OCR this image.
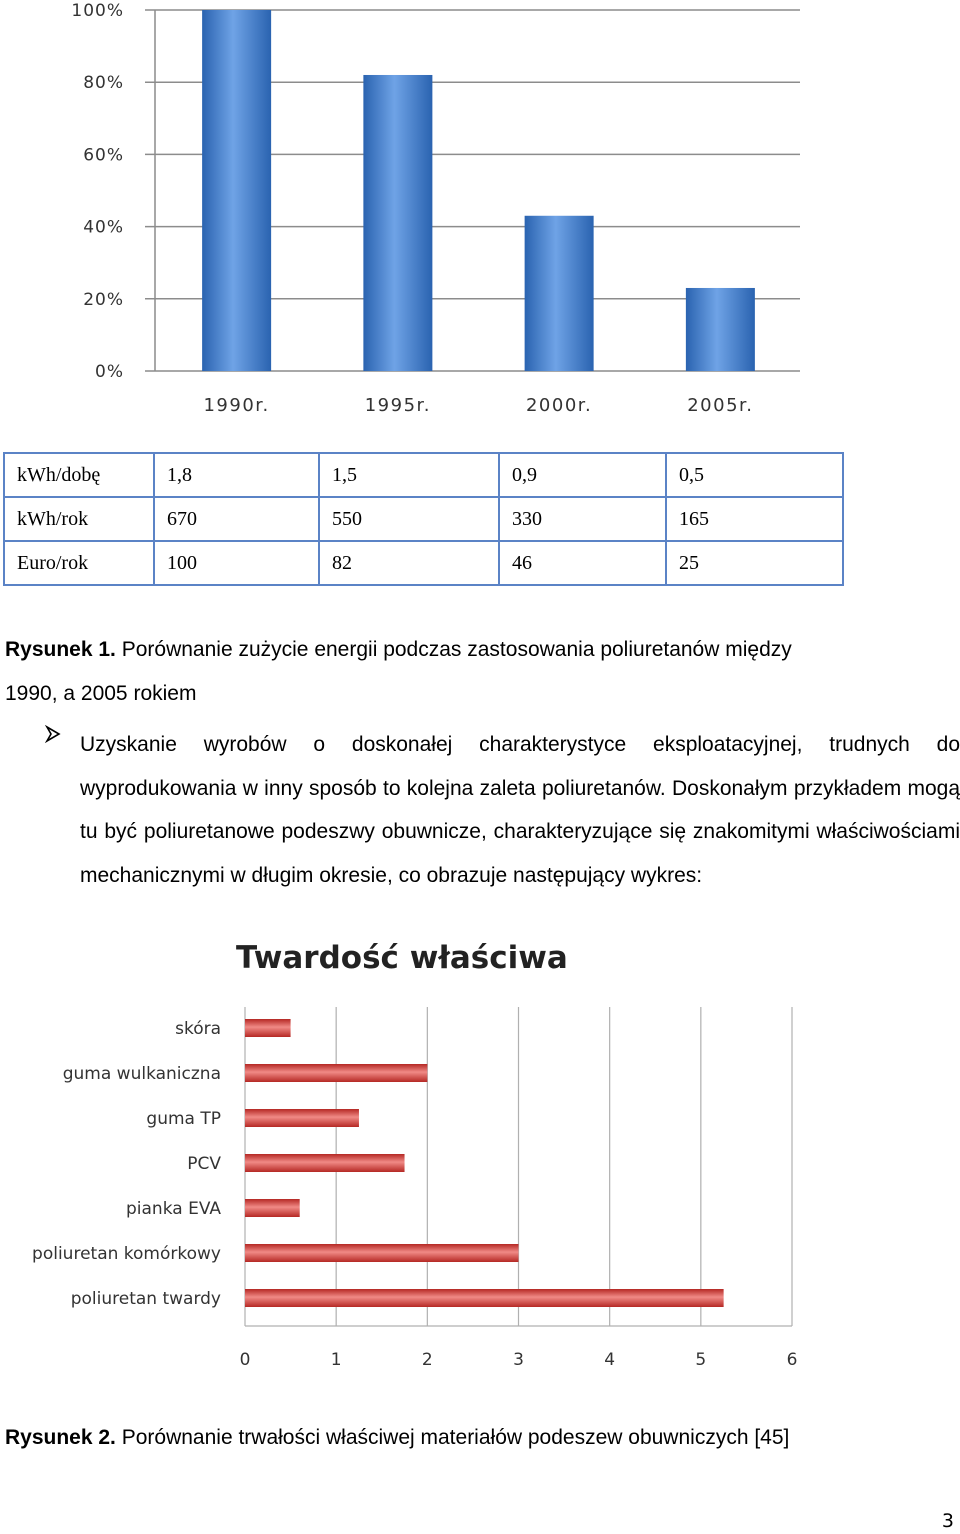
0%
20%
40%
60%
80%
100%
1990r.	1995r.	2000r.	2005r.
kWh/dobę	1,8	1,5	0,9	0,5
kWh/rok	670	550	330	165
Euro/rok	100	82	46	25
Rysunek 1. Porównanie zużycie energii podczas zastosowania poliuretanów między
1990, a 2005 rokiem
Uzyskanie wyrobów o doskonałej charakterystyce eksploatacyjnej, trudnych do wyprodukowania w inny sposób to kolejna zaleta poliuretanów. Doskonałym przykładem mogą tu być poliuretanowe podeszwy obuwnicze, charakteryzujące się znakomitymi właściwościami mechanicznymi w długim okresie, co obrazuje następujący wykres:
Twardość właściwa
skóra
guma wulkaniczna
guma TP
PCV
pianka EVA
poliuretan komórkowy
poliuretan twardy
0	1	2	3	4	5	6
Rysunek 2. Porównanie trwałości właściwej materiałów podeszew obuwniczych [45]
3
